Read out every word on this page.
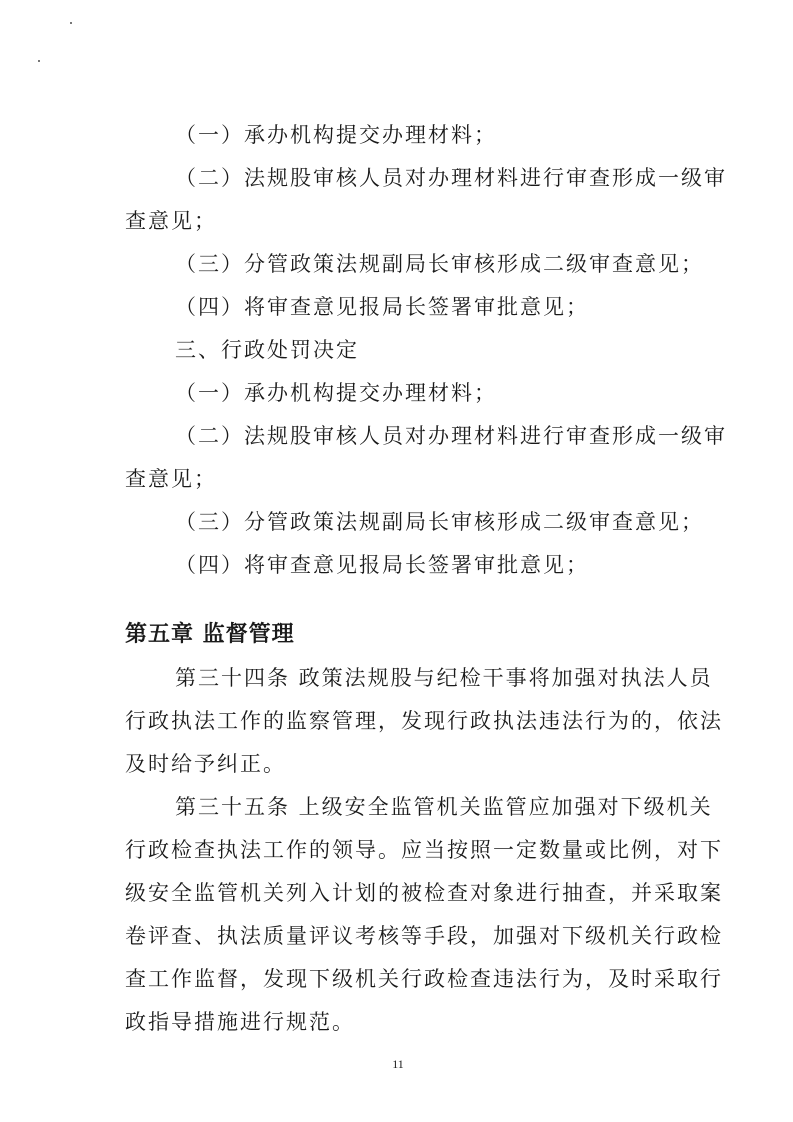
（一）承办机构提交办理材料；
（二）法规股审核人员对办理材料进行审查形成一级审
查意见；
（三）分管政策法规副局长审核形成二级审查意见；
（四）将审查意见报局长签署审批意见；
三、行政处罚决定
（一）承办机构提交办理材料；
（二）法规股审核人员对办理材料进行审查形成一级审
查意见；
（三）分管政策法规副局长审核形成二级审查意见；
（四）将审查意见报局长签署审批意见；
第五章 监督管理
第三十四条 政策法规股与纪检干事将加强对执法人员
行政执法工作的监察管理，发现行政执法违法行为的，依法
及时给予纠正。
第三十五条 上级安全监管机关监管应加强对下级机关
行政检查执法工作的领导。应当按照一定数量或比例，对下
级安全监管机关列入计划的被检查对象进行抽查，并采取案
卷评查、执法质量评议考核等手段，加强对下级机关行政检
查工作监督，发现下级机关行政检查违法行为，及时采取行
政指导措施进行规范。
11
